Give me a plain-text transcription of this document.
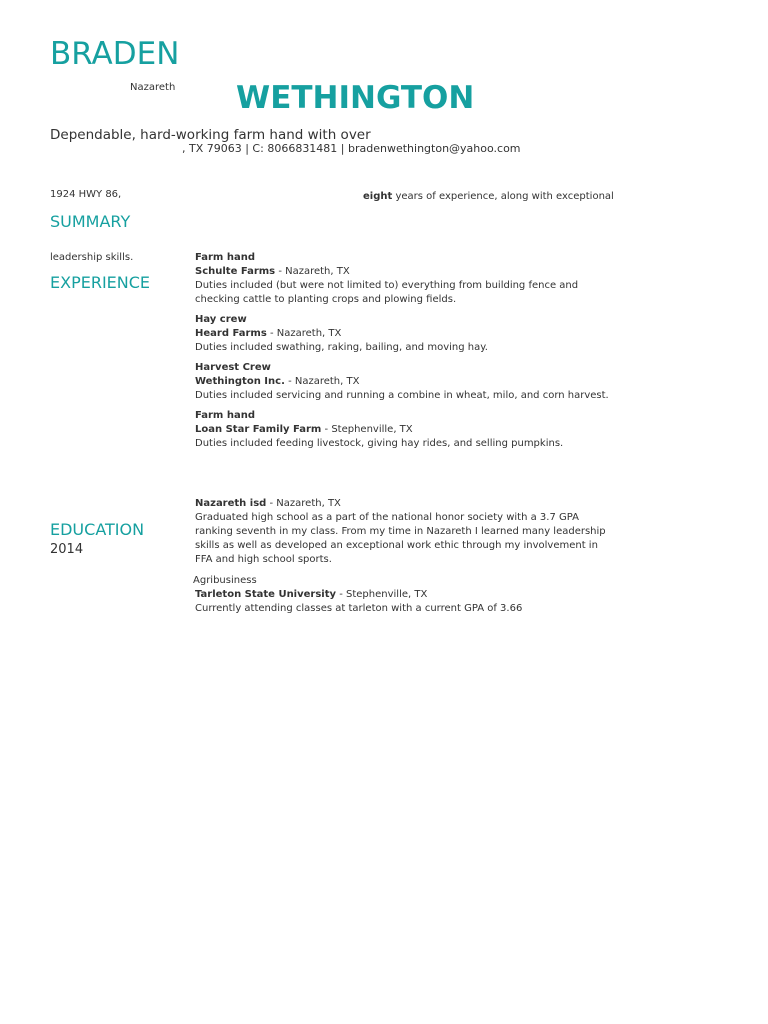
BRADEN
Nazareth WETHINGTON
Dependable, hard-working farm hand with over
, TX 79063 | C: 8066831481 | bradenwethington@yahoo.com
1924 HWY 86,	eight years of experience, along with exceptional
SUMMARY
leadership skills.
EXPERIENCE
Farm hand
Schulte Farms - Nazareth, TX
Duties included (but were not limited to) everything from building fence and checking cattle to planting crops and plowing fields.
Hay crew
Heard Farms - Nazareth, TX
Duties included swathing, raking, bailing, and moving hay.
Harvest Crew
Wethington Inc. - Nazareth, TX
Duties included servicing and running a combine in wheat, milo, and corn harvest.
Farm hand
Loan Star Family Farm - Stephenville, TX
Duties included feeding livestock, giving hay rides, and selling pumpkins.
Nazareth isd - Nazareth, TX
Graduated high school as a part of the national honor society with a 3.7 GPA ranking seventh in my class. From my time in Nazareth I learned many leadership skills as well as developed an exceptional work ethic through my involvement in FFA and high school sports.
EDUCATION
2014
Agribusiness
Tarleton State University - Stephenville, TX
Currently attending classes at tarleton with a current GPA of 3.66
